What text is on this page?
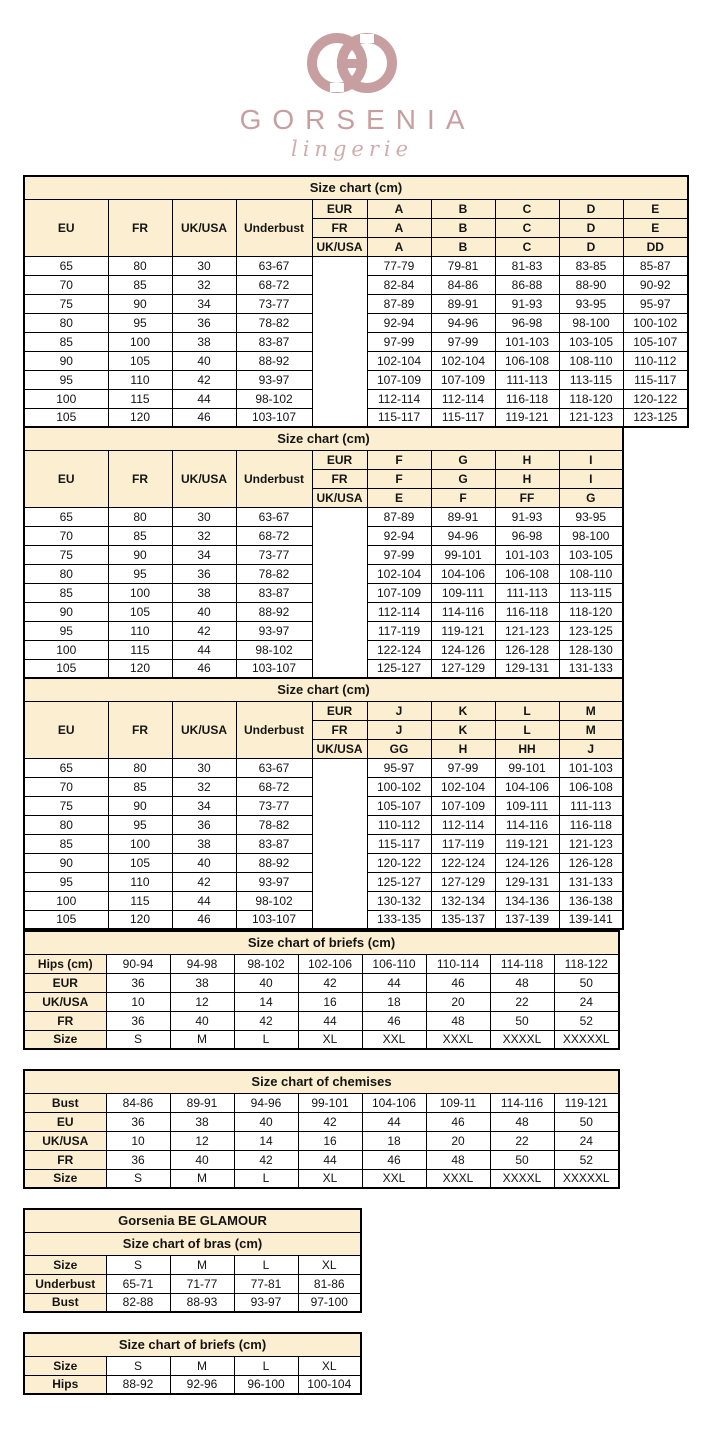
GORSENIA
lingerie
Size chart (cm)									
EU	FR	UK/USA	Underbust	EUR	A	B	C	D	E
				FR	A	B	C	D	E
				UK/USA	A	B	C	D	DD
65	80	30	63-67		77-79	79-81	81-83	83-85	85-87
70	85	32	68-72		82-84	84-86	86-88	88-90	90-92
75	90	34	73-77		87-89	89-91	91-93	93-95	95-97
80	95	36	78-82		92-94	94-96	96-98	98-100	100-102
85	100	38	83-87		97-99	97-99	101-103	103-105	105-107
90	105	40	88-92		102-104	102-104	106-108	108-110	110-112
95	110	42	93-97		107-109	107-109	111-113	113-115	115-117
100	115	44	98-102		112-114	112-114	116-118	118-120	120-122
105	120	46	103-107		115-117	115-117	119-121	121-123	123-125
Size chart (cm)								
EU	FR	UK/USA	Underbust	EUR	F	G	H	I
				FR	F	G	H	I
				UK/USA	E	F	FF	G
65	80	30	63-67		87-89	89-91	91-93	93-95
70	85	32	68-72		92-94	94-96	96-98	98-100
75	90	34	73-77		97-99	99-101	101-103	103-105
80	95	36	78-82		102-104	104-106	106-108	108-110
85	100	38	83-87		107-109	109-111	111-113	113-115
90	105	40	88-92		112-114	114-116	116-118	118-120
95	110	42	93-97		117-119	119-121	121-123	123-125
100	115	44	98-102		122-124	124-126	126-128	128-130
105	120	46	103-107		125-127	127-129	129-131	131-133
Size chart (cm)								
EU	FR	UK/USA	Underbust	EUR	J	K	L	M
				FR	J	K	L	M
				UK/USA	GG	H	HH	J
65	80	30	63-67		95-97	97-99	99-101	101-103
70	85	32	68-72		100-102	102-104	104-106	106-108
75	90	34	73-77		105-107	107-109	109-111	111-113
80	95	36	78-82		110-112	112-114	114-116	116-118
85	100	38	83-87		115-117	117-119	119-121	121-123
90	105	40	88-92		120-122	122-124	124-126	126-128
95	110	42	93-97		125-127	127-129	129-131	131-133
100	115	44	98-102		130-132	132-134	134-136	136-138
105	120	46	103-107		133-135	135-137	137-139	139-141
Size chart of briefs (cm)								
Hips (cm)	90-94	94-98	98-102	102-106	106-110	110-114	114-118	118-122
EUR	36	38	40	42	44	46	48	50
UK/USA	10	12	14	16	18	20	22	24
FR	36	40	42	44	46	48	50	52
Size	S	M	L	XL	XXL	XXXL	XXXXL	XXXXXL
Size chart of chemises								
Bust	84-86	89-91	94-96	99-101	104-106	109-11	114-116	119-121
EU	36	38	40	42	44	46	48	50
UK/USA	10	12	14	16	18	20	22	24
FR	36	40	42	44	46	48	50	52
Size	S	M	L	XL	XXL	XXXL	XXXXL	XXXXXL
Gorsenia BE GLAMOUR				
Size chart of bras (cm)				
Size	S	M	L	XL
Underbust	65-71	71-77	77-81	81-86
Bust	82-88	88-93	93-97	97-100
Size chart of briefs (cm)				
Size	S	M	L	XL
Hips	88-92	92-96	96-100	100-104
